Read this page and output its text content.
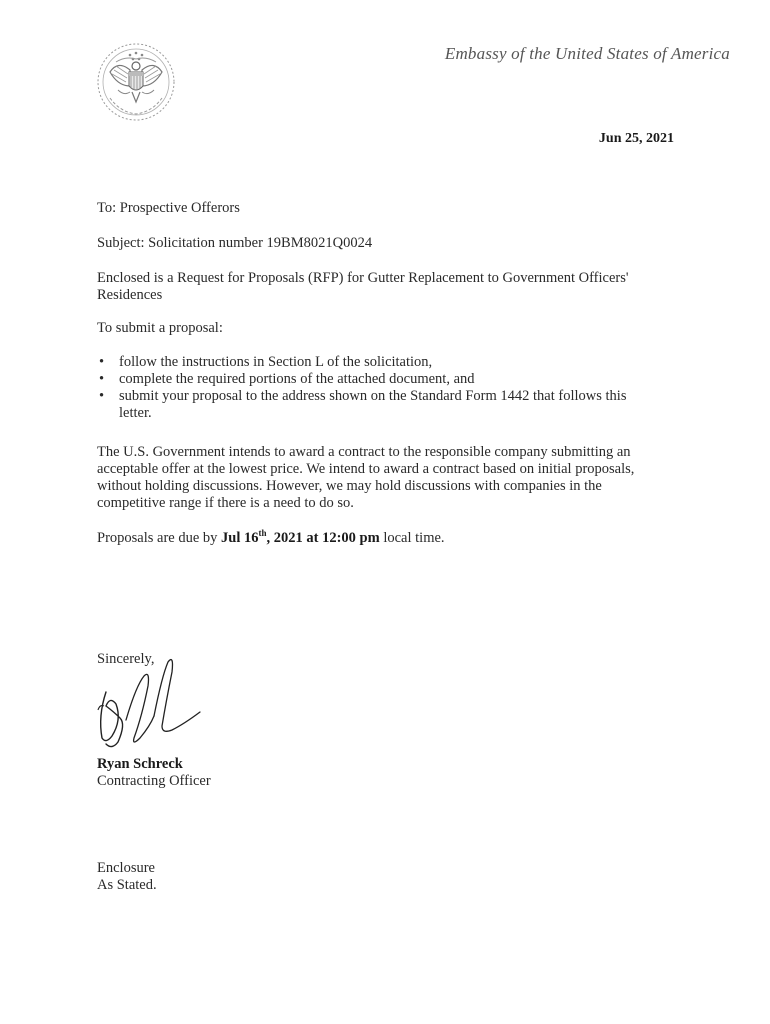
Embassy of the United States of America
Jun 25, 2021
To: Prospective Offerors
Subject: Solicitation number 19BM8021Q0024
Enclosed is a Request for Proposals (RFP) for Gutter Replacement to Government Officers' Residences
To submit a proposal:
• follow the instructions in Section L of the solicitation,
• complete the required portions of the attached document, and
• submit your proposal to the address shown on the Standard Form 1442 that follows this letter.
The U.S. Government intends to award a contract to the responsible company submitting an acceptable offer at the lowest price. We intend to award a contract based on initial proposals, without holding discussions. However, we may hold discussions with companies in the competitive range if there is a need to do so.
Proposals are due by Jul 16th, 2021 at 12:00 pm local time.
Sincerely,
Ryan Schreck
Contracting Officer
Enclosure
As Stated.
